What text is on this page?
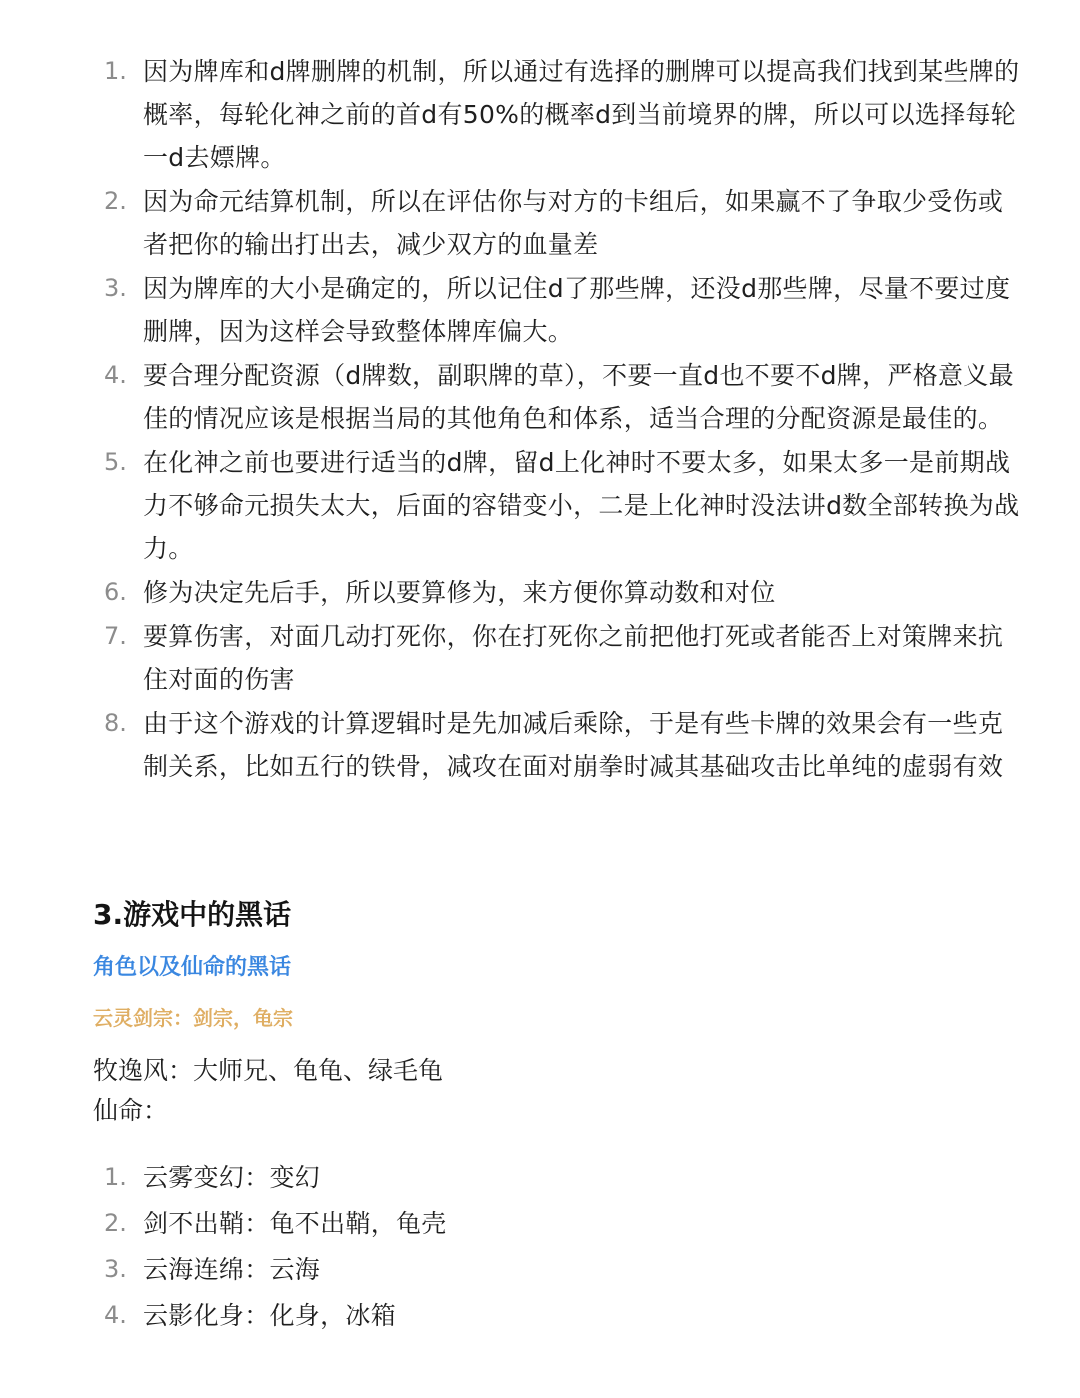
1. 因为牌库和d牌删牌的机制，所以通过有选择的删牌可以提高我们找到某些牌的概率，每轮化神之前的首d有50%的概率d到当前境界的牌，所以可以选择每轮一d去嫖牌。
2. 因为命元结算机制，所以在评估你与对方的卡组后，如果赢不了争取少受伤或者把你的输出打出去，减少双方的血量差
3. 因为牌库的大小是确定的，所以记住d了那些牌，还没d那些牌，尽量不要过度删牌，因为这样会导致整体牌库偏大。
4. 要合理分配资源（d牌数，副职牌的草），不要一直d也不要不d牌，严格意义最佳的情况应该是根据当局的其他角色和体系，适当合理的分配资源是最佳的。
5. 在化神之前也要进行适当的d牌，留d上化神时不要太多，如果太多一是前期战力不够命元损失太大，后面的容错变小，二是上化神时没法讲d数全部转换为战力。
6. 修为决定先后手，所以要算修为，来方便你算动数和对位
7. 要算伤害，对面几动打死你，你在打死你之前把他打死或者能否上对策牌来抗住对面的伤害
8. 由于这个游戏的计算逻辑时是先加减后乘除，于是有些卡牌的效果会有一些克制关系，比如五行的铁骨，减攻在面对崩拳时减其基础攻击比单纯的虚弱有效
3.游戏中的黑话
角色以及仙命的黑话
云灵剑宗：剑宗，龟宗

牧逸风：大师兄、龟龟、绿毛龟

仙命：

1. 云雾变幻：变幻
2. 剑不出鞘：龟不出鞘，龟壳
3. 云海连绵：云海
4. 云影化身：化身，冰箱
